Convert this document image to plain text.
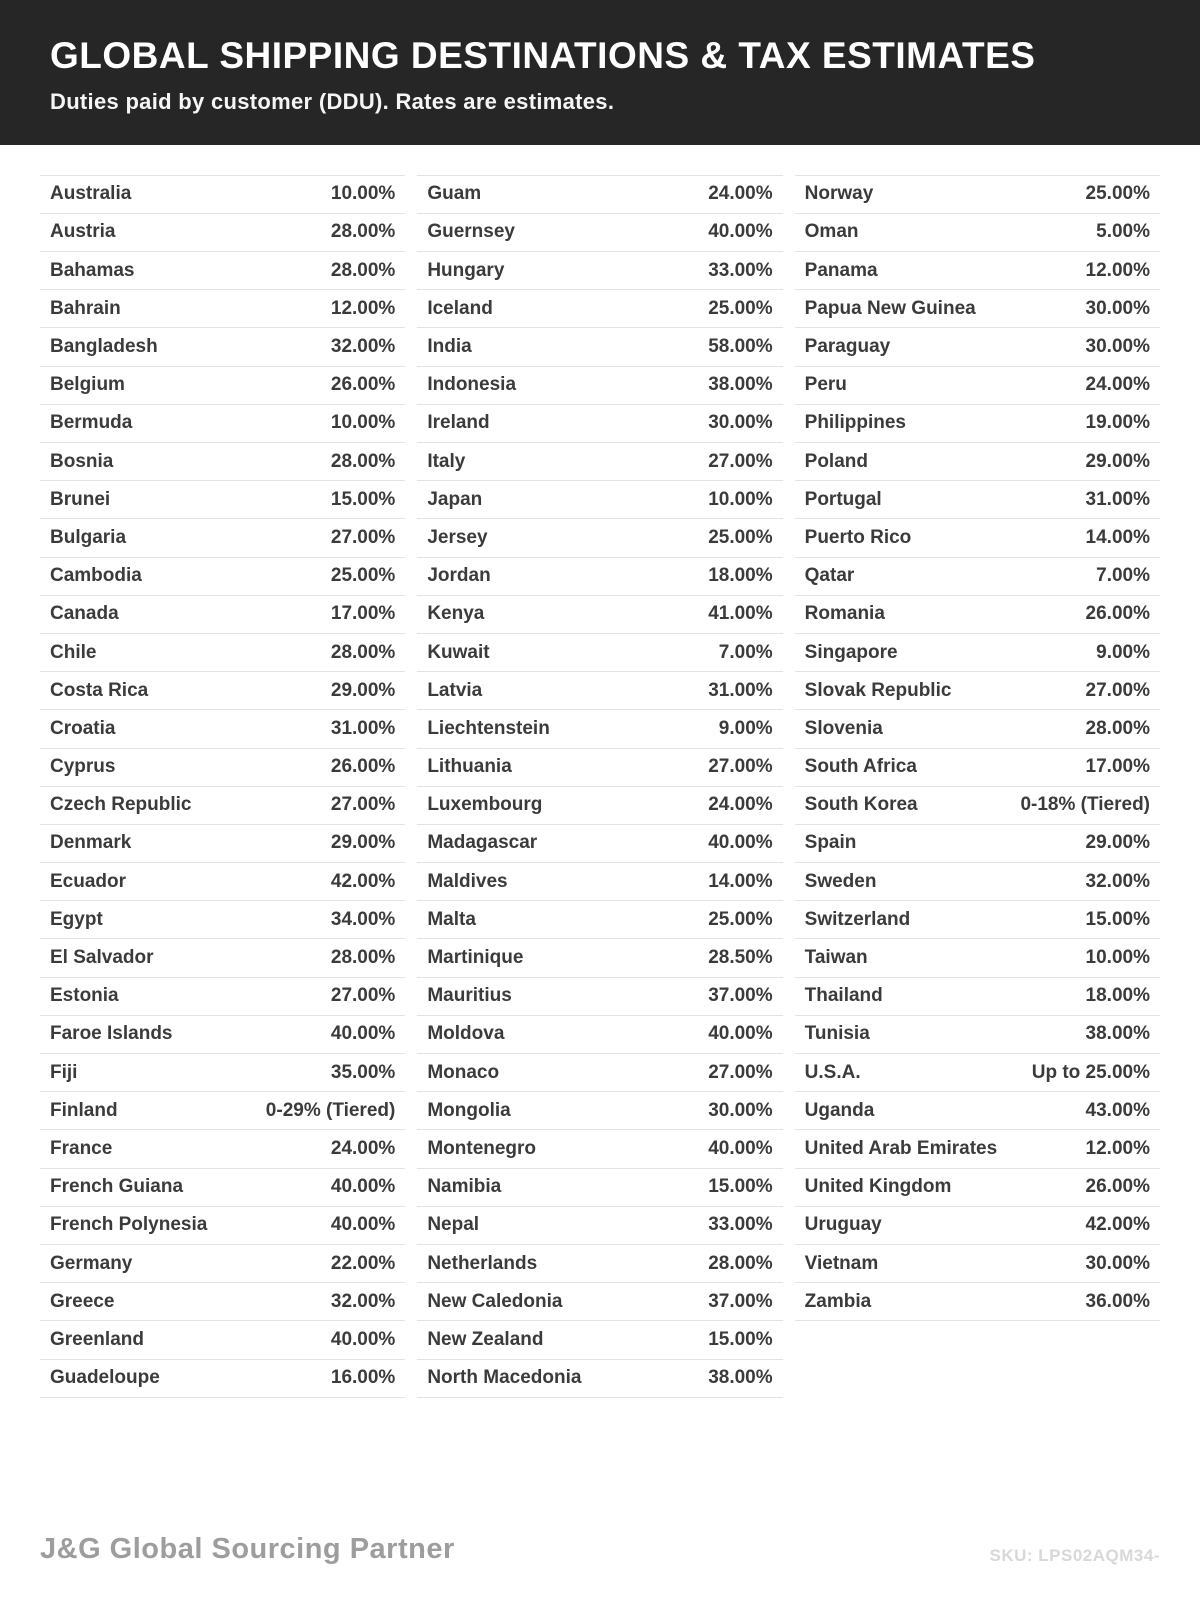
GLOBAL SHIPPING DESTINATIONS & TAX ESTIMATES

Duties paid by customer (DDU). Rates are estimates.

Australia	10.00%
Austria	28.00%
Bahamas	28.00%
Bahrain	12.00%
Bangladesh	32.00%
Belgium	26.00%
Bermuda	10.00%
Bosnia	28.00%
Brunei	15.00%
Bulgaria	27.00%
Cambodia	25.00%
Canada	17.00%
Chile	28.00%
Costa Rica	29.00%
Croatia	31.00%
Cyprus	26.00%
Czech Republic	27.00%
Denmark	29.00%
Ecuador	42.00%
Egypt	34.00%
El Salvador	28.00%
Estonia	27.00%
Faroe Islands	40.00%
Fiji	35.00%
Finland	0-29% (Tiered)
France	24.00%
French Guiana	40.00%
French Polynesia	40.00%
Germany	22.00%
Greece	32.00%
Greenland	40.00%
Guadeloupe	16.00%
Guam	24.00%
Guernsey	40.00%
Hungary	33.00%
Iceland	25.00%
India	58.00%
Indonesia	38.00%
Ireland	30.00%
Italy	27.00%
Japan	10.00%
Jersey	25.00%
Jordan	18.00%
Kenya	41.00%
Kuwait	7.00%
Latvia	31.00%
Liechtenstein	9.00%
Lithuania	27.00%
Luxembourg	24.00%
Madagascar	40.00%
Maldives	14.00%
Malta	25.00%
Martinique	28.50%
Mauritius	37.00%
Moldova	40.00%
Monaco	27.00%
Mongolia	30.00%
Montenegro	40.00%
Namibia	15.00%
Nepal	33.00%
Netherlands	28.00%
New Caledonia	37.00%
New Zealand	15.00%
North Macedonia	38.00%
Norway	25.00%
Oman	5.00%
Panama	12.00%
Papua New Guinea	30.00%
Paraguay	30.00%
Peru	24.00%
Philippines	19.00%
Poland	29.00%
Portugal	31.00%
Puerto Rico	14.00%
Qatar	7.00%
Romania	26.00%
Singapore	9.00%
Slovak Republic	27.00%
Slovenia	28.00%
South Africa	17.00%
South Korea	0-18% (Tiered)
Spain	29.00%
Sweden	32.00%
Switzerland	15.00%
Taiwan	10.00%
Thailand	18.00%
Tunisia	38.00%
U.S.A.	Up to 25.00%
Uganda	43.00%
United Arab Emirates	12.00%
United Kingdom	26.00%
Uruguay	42.00%
Vietnam	30.00%
Zambia	36.00%
J&G Global Sourcing Partner	SKU: LPS02AQM34-
